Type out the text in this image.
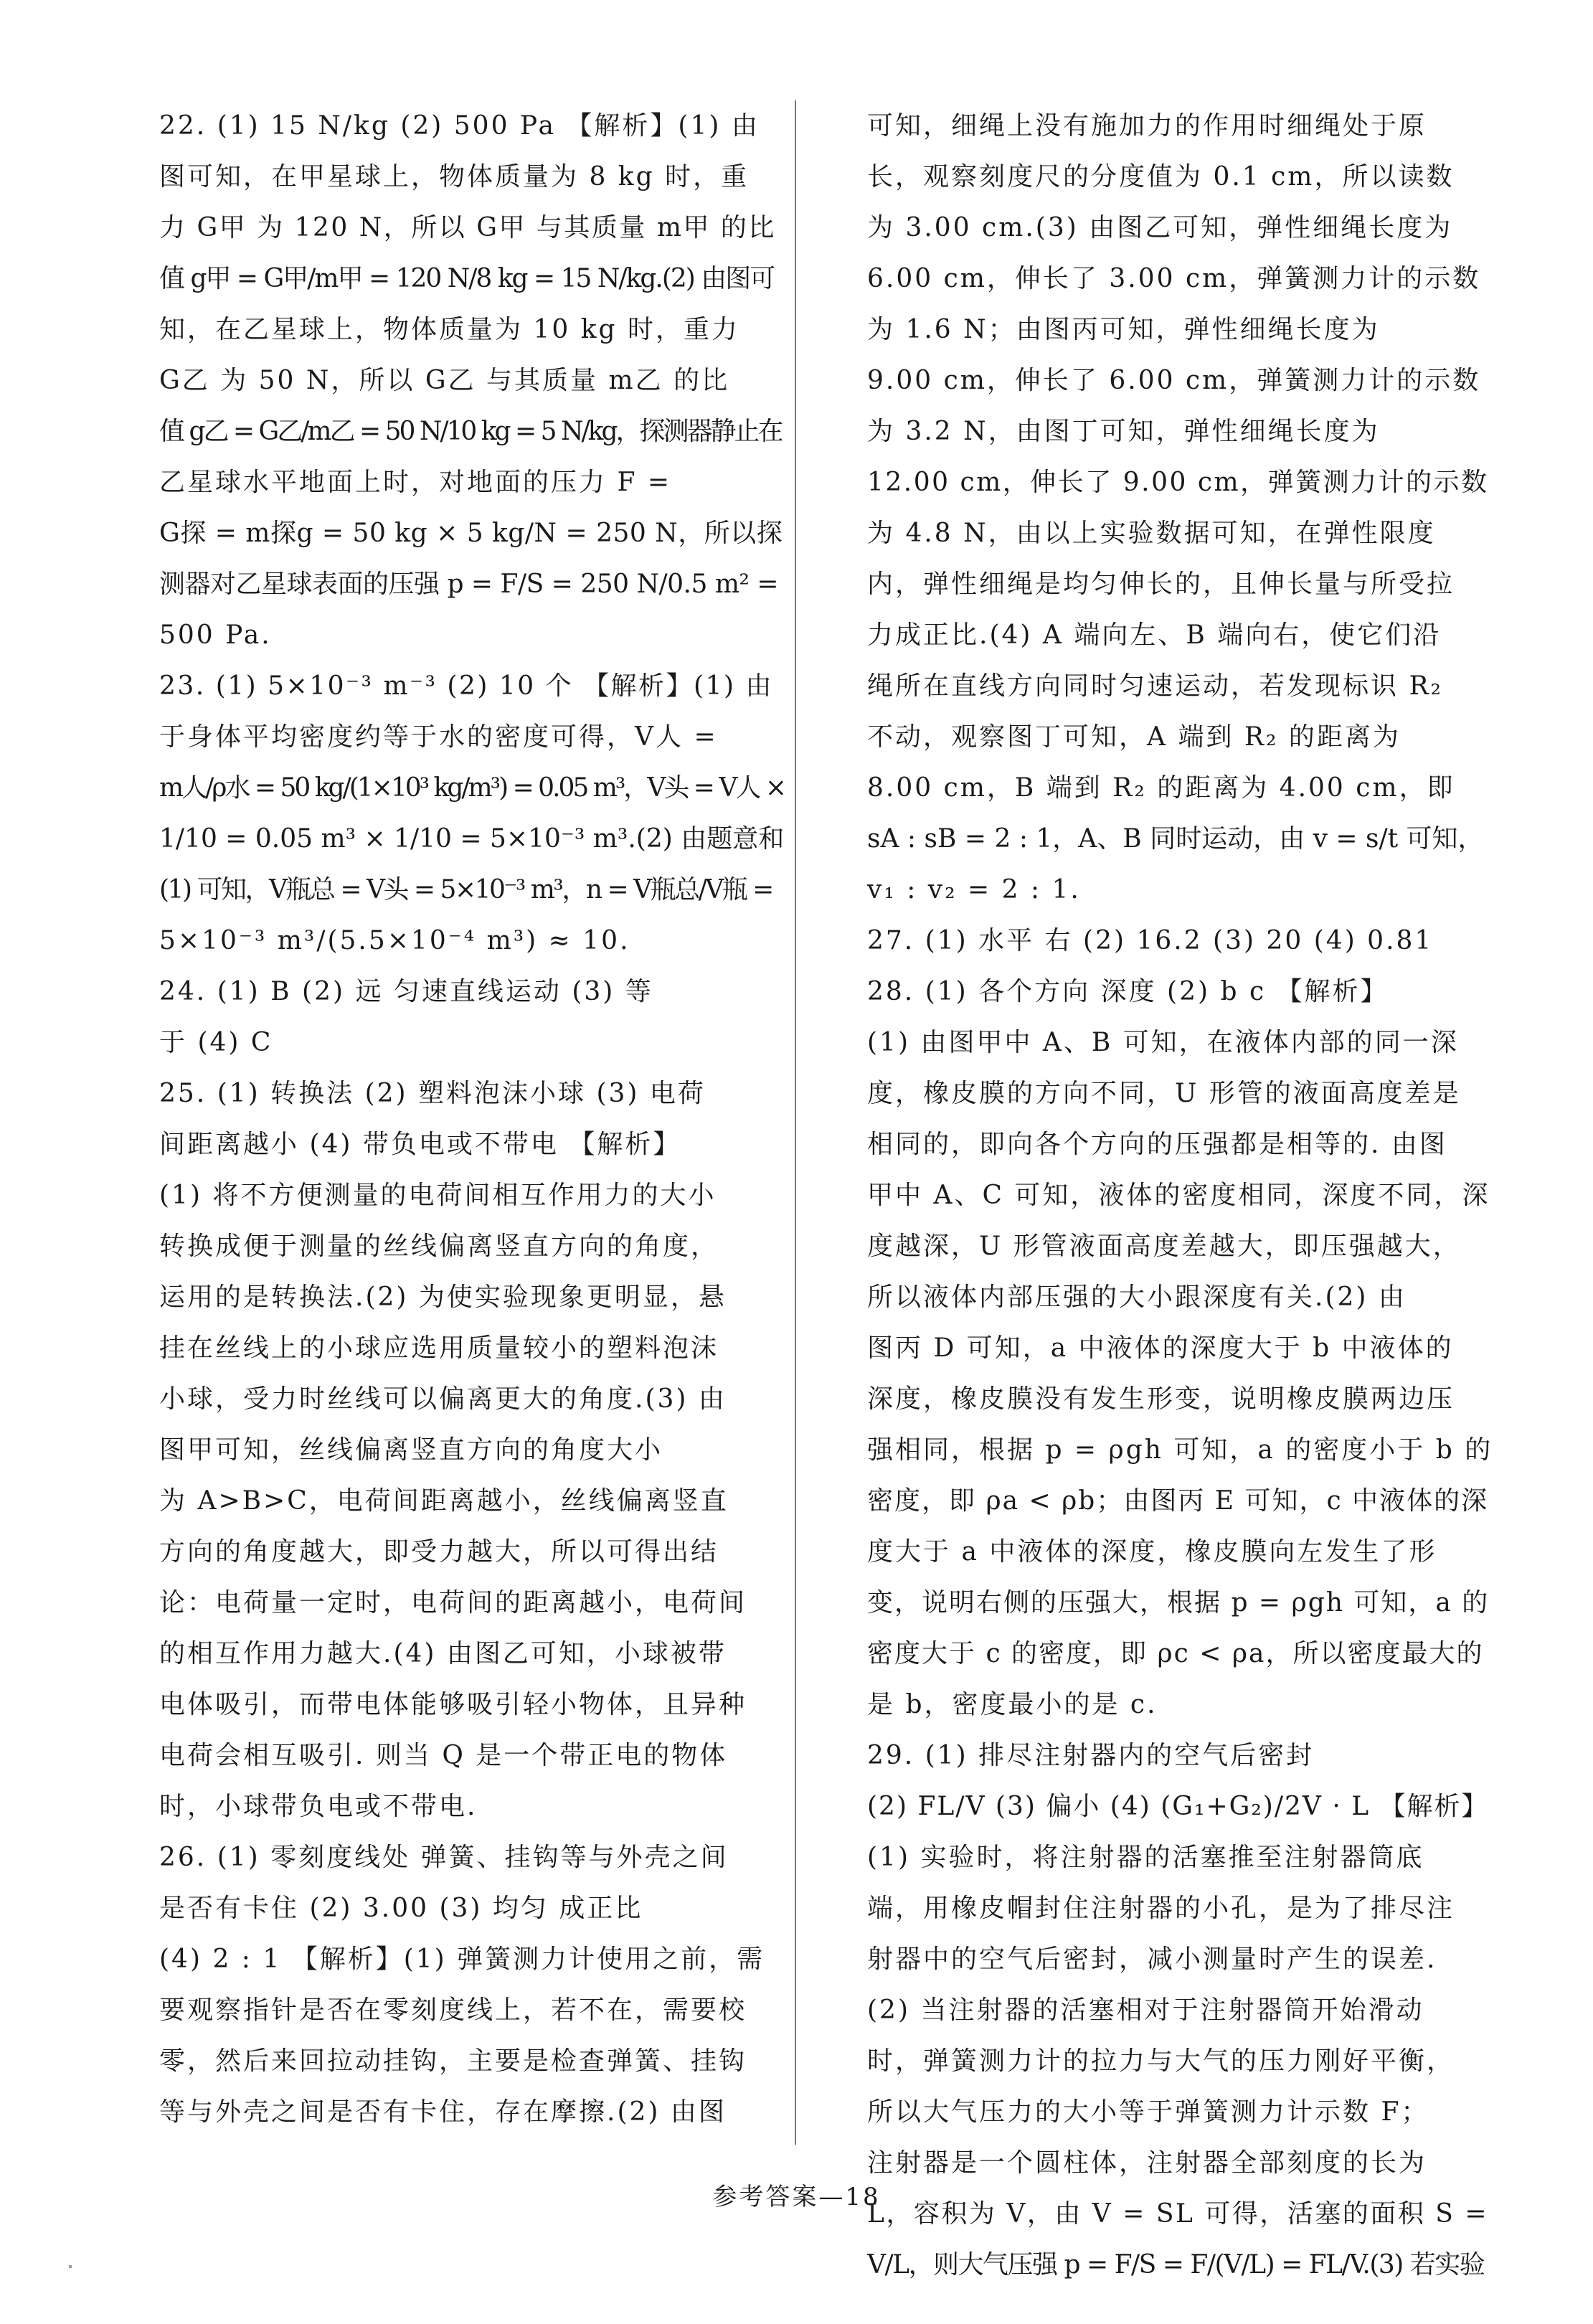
22. (1) 15 N/kg (2) 500 Pa 【解析】(1) 由
图可知，在甲星球上，物体质量为 8 kg 时，重
力 G甲 为 120 N，所以 G甲 与其质量 m甲 的比
值 g甲 = G甲/m甲 = 120 N/8 kg = 15 N/kg.(2) 由图可
知，在乙星球上，物体质量为 10 kg 时，重力
G乙 为 50 N，所以 G乙 与其质量 m乙 的比
值 g乙 = G乙/m乙 = 50 N/10 kg = 5 N/kg，探测器静止在
乙星球水平地面上时，对地面的压力 F =
G探 = m探g = 50 kg × 5 kg/N = 250 N，所以探
测器对乙星球表面的压强 p = F/S = 250 N/0.5 m² =
500 Pa.
23. (1) 5×10⁻³ m⁻³ (2) 10 个 【解析】(1) 由
于身体平均密度约等于水的密度可得，V人 =
m人/ρ水 = 50 kg/(1×10³ kg/m³) = 0.05 m³，V头 = V人 ×
1/10 = 0.05 m³ × 1/10 = 5×10⁻³ m³.(2) 由题意和
(1) 可知，V瓶总 = V头 = 5×10⁻³ m³，n = V瓶总/V瓶 =
5×10⁻³ m³/(5.5×10⁻⁴ m³) ≈ 10.
24. (1) B (2) 远 匀速直线运动 (3) 等
于 (4) C
25. (1) 转换法 (2) 塑料泡沫小球 (3) 电荷
间距离越小 (4) 带负电或不带电 【解析】
(1) 将不方便测量的电荷间相互作用力的大小
转换成便于测量的丝线偏离竖直方向的角度，
运用的是转换法.(2) 为使实验现象更明显，悬
挂在丝线上的小球应选用质量较小的塑料泡沫
小球，受力时丝线可以偏离更大的角度.(3) 由
图甲可知，丝线偏离竖直方向的角度大小
为 A>B>C，电荷间距离越小，丝线偏离竖直
方向的角度越大，即受力越大，所以可得出结
论：电荷量一定时，电荷间的距离越小，电荷间
的相互作用力越大.(4) 由图乙可知，小球被带
电体吸引，而带电体能够吸引轻小物体，且异种
电荷会相互吸引. 则当 Q 是一个带正电的物体
时，小球带负电或不带电.
26. (1) 零刻度线处 弹簧、挂钩等与外壳之间
是否有卡住 (2) 3.00 (3) 均匀 成正比
(4) 2 : 1 【解析】(1) 弹簧测力计使用之前，需
要观察指针是否在零刻度线上，若不在，需要校
零，然后来回拉动挂钩，主要是检查弹簧、挂钩
等与外壳之间是否有卡住，存在摩擦.(2) 由图
可知，细绳上没有施加力的作用时细绳处于原
长，观察刻度尺的分度值为 0.1 cm，所以读数
为 3.00 cm.(3) 由图乙可知，弹性细绳长度为
6.00 cm，伸长了 3.00 cm，弹簧测力计的示数
为 1.6 N；由图丙可知，弹性细绳长度为
9.00 cm，伸长了 6.00 cm，弹簧测力计的示数
为 3.2 N，由图丁可知，弹性细绳长度为
12.00 cm，伸长了 9.00 cm，弹簧测力计的示数
为 4.8 N，由以上实验数据可知，在弹性限度
内，弹性细绳是均匀伸长的，且伸长量与所受拉
力成正比.(4) A 端向左、B 端向右，使它们沿
绳所在直线方向同时匀速运动，若发现标识 R₂
不动，观察图丁可知，A 端到 R₂ 的距离为
8.00 cm，B 端到 R₂ 的距离为 4.00 cm，即
sA : sB = 2 : 1，A、B 同时运动，由 v = s/t 可知，
v₁ : v₂ = 2 : 1.
27. (1) 水平 右 (2) 16.2 (3) 20 (4) 0.81
28. (1) 各个方向 深度 (2) b c 【解析】
(1) 由图甲中 A、B 可知，在液体内部的同一深
度，橡皮膜的方向不同，U 形管的液面高度差是
相同的，即向各个方向的压强都是相等的. 由图
甲中 A、C 可知，液体的密度相同，深度不同，深
度越深，U 形管液面高度差越大，即压强越大，
所以液体内部压强的大小跟深度有关.(2) 由
图丙 D 可知，a 中液体的深度大于 b 中液体的
深度，橡皮膜没有发生形变，说明橡皮膜两边压
强相同，根据 p = ρgh 可知，a 的密度小于 b 的
密度，即 ρa < ρb；由图丙 E 可知，c 中液体的深
度大于 a 中液体的深度，橡皮膜向左发生了形
变，说明右侧的压强大，根据 p = ρgh 可知，a 的
密度大于 c 的密度，即 ρc < ρa，所以密度最大的
是 b，密度最小的是 c.
29. (1) 排尽注射器内的空气后密封
(2) FL/V (3) 偏小 (4) (G₁+G₂)/2V · L 【解析】
(1) 实验时，将注射器的活塞推至注射器筒底
端，用橡皮帽封住注射器的小孔，是为了排尽注
射器中的空气后密封，减小测量时产生的误差.
(2) 当注射器的活塞相对于注射器筒开始滑动
时，弹簧测力计的拉力与大气的压力刚好平衡，
所以大气压力的大小等于弹簧测力计示数 F；
注射器是一个圆柱体，注射器全部刻度的长为
L，容积为 V，由 V = SL 可得，活塞的面积 S =
V/L，则大气压强 p = F/S = F/(V/L) = FL/V.(3) 若实验
参考答案—18
